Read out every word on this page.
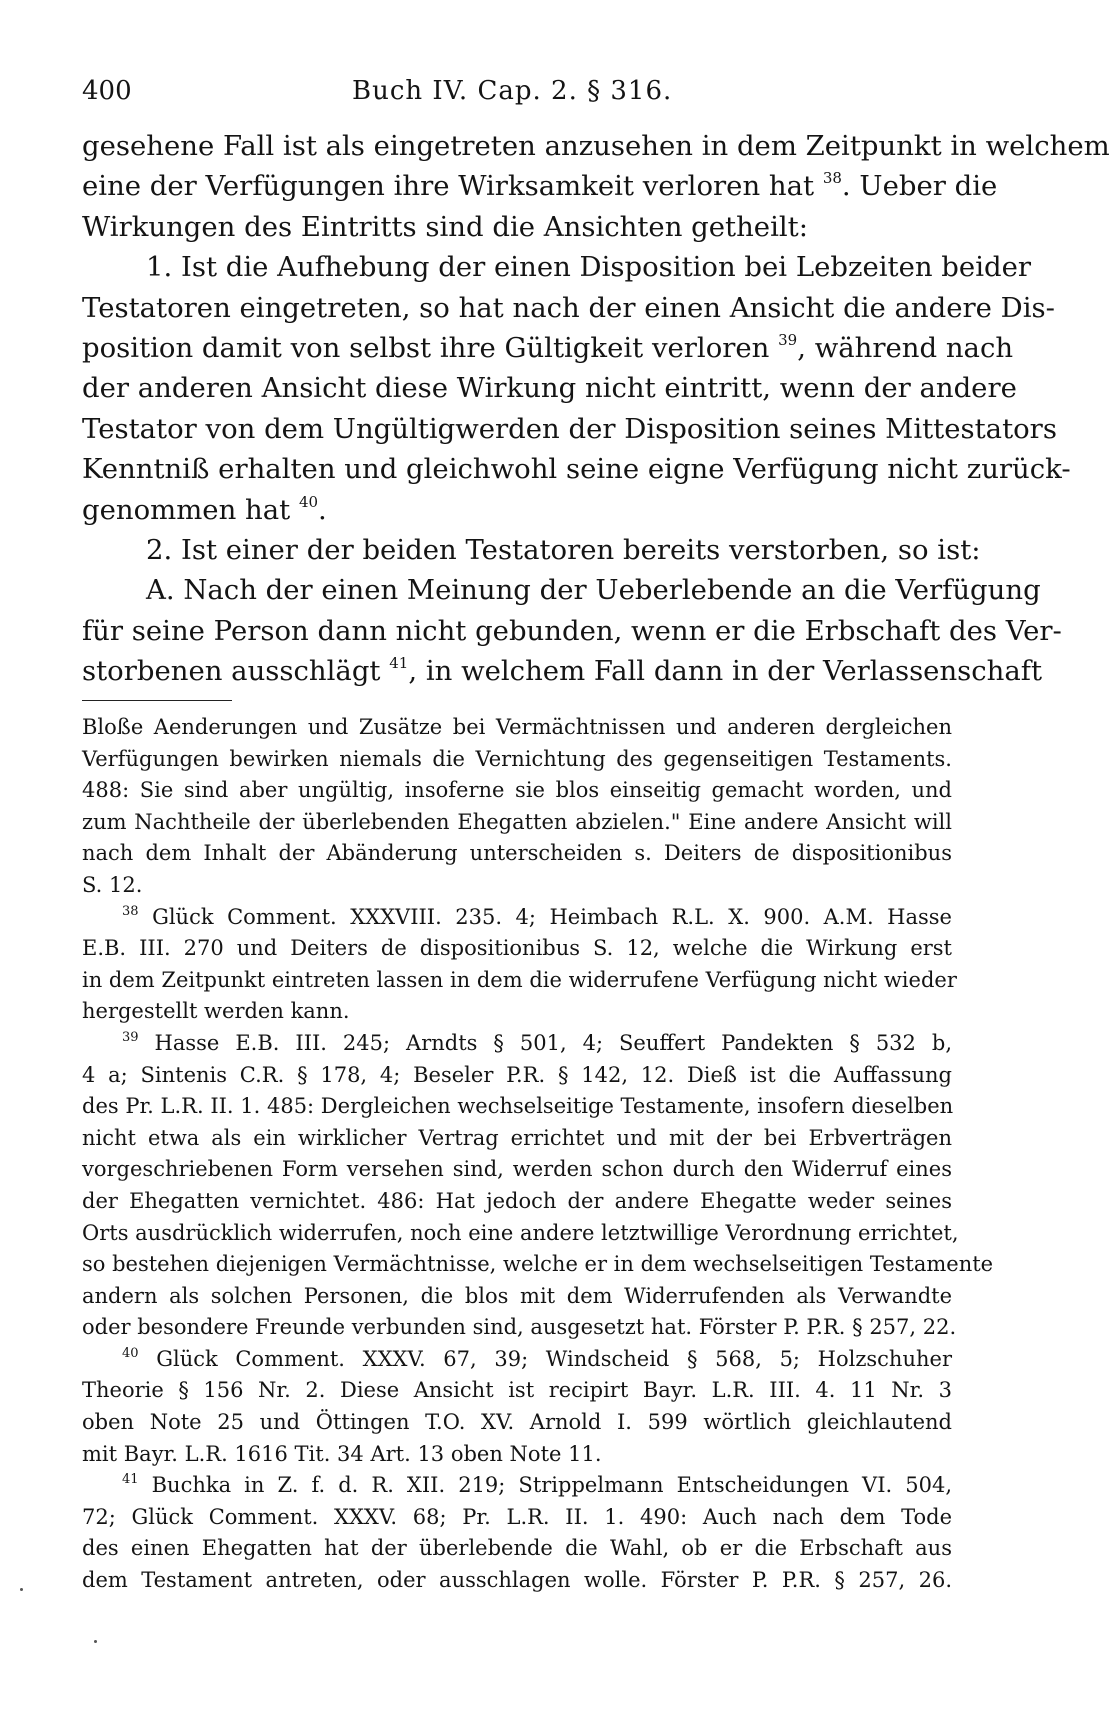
400	Buch IV. Cap. 2. § 316.
gesehene Fall ist als eingetreten anzusehen in dem Zeitpunkt in welchem
eine der Verfügungen ihre Wirksamkeit verloren hat $^{38}$. Ueber die
Wirkungen des Eintritts sind die Ansichten getheilt:
1. Ist die Aufhebung der einen Disposition bei Lebzeiten beider
Testatoren eingetreten, so hat nach der einen Ansicht die andere Dis-
position damit von selbst ihre Gültigkeit verloren $^{39}$, während nach
der anderen Ansicht diese Wirkung nicht eintritt, wenn der andere
Testator von dem Ungültigwerden der Disposition seines Mittestators
Kenntniß erhalten und gleichwohl seine eigne Verfügung nicht zurück-
genommen hat $^{40}$.
2. Ist einer der beiden Testatoren bereits verstorben, so ist:
A. Nach der einen Meinung der Ueberlebende an die Verfügung
für seine Person dann nicht gebunden, wenn er die Erbschaft des Ver-
storbenen ausschlägt $^{41}$, in welchem Fall dann in der Verlassenschaft
Bloße Aenderungen und Zusätze bei Vermächtnissen und anderen dergleichen
Verfügungen bewirken niemals die Vernichtung des gegenseitigen Testaments.
488: Sie sind aber ungültig, insoferne sie blos einseitig gemacht worden, und
zum Nachtheile der überlebenden Ehegatten abzielen." Eine andere Ansicht will
nach dem Inhalt der Abänderung unterscheiden s. Deiters de dispositionibus
S. 12.
$^{38}$ Glück Comment. XXXVIII. 235. 4; Heimbach R.L. X. 900. A.M. Hasse
E.B. III. 270 und Deiters de dispositionibus S. 12, welche die Wirkung erst
in dem Zeitpunkt eintreten lassen in dem die widerrufene Verfügung nicht wieder
hergestellt werden kann.
$^{39}$ Hasse E.B. III. 245; Arndts § 501, 4; Seuffert Pandekten § 532 b,
4 a; Sintenis C.R. § 178, 4; Beseler P.R. § 142, 12. Dieß ist die Auffassung
des Pr. L.R. II. 1. 485: Dergleichen wechselseitige Testamente, insofern dieselben
nicht etwa als ein wirklicher Vertrag errichtet und mit der bei Erbverträgen
vorgeschriebenen Form versehen sind, werden schon durch den Widerruf eines
der Ehegatten vernichtet. 486: Hat jedoch der andere Ehegatte weder seines
Orts ausdrücklich widerrufen, noch eine andere letztwillige Verordnung errichtet,
so bestehen diejenigen Vermächtnisse, welche er in dem wechselseitigen Testamente
andern als solchen Personen, die blos mit dem Widerrufenden als Verwandte
oder besondere Freunde verbunden sind, ausgesetzt hat. Förster P. P.R. § 257, 22.
$^{40}$ Glück Comment. XXXV. 67, 39; Windscheid § 568, 5; Holzschuher
Theorie § 156 Nr. 2. Diese Ansicht ist recipirt Bayr. L.R. III. 4. 11 Nr. 3
oben Note 25 und Öttingen T.O. XV. Arnold I. 599 wörtlich gleichlautend
mit Bayr. L.R. 1616 Tit. 34 Art. 13 oben Note 11.
$^{41}$ Buchka in Z. f. d. R. XII. 219; Strippelmann Entscheidungen VI. 504,
72; Glück Comment. XXXV. 68; Pr. L.R. II. 1. 490: Auch nach dem Tode
des einen Ehegatten hat der überlebende die Wahl, ob er die Erbschaft aus
dem Testament antreten, oder ausschlagen wolle. Förster P. P.R. § 257, 26.
